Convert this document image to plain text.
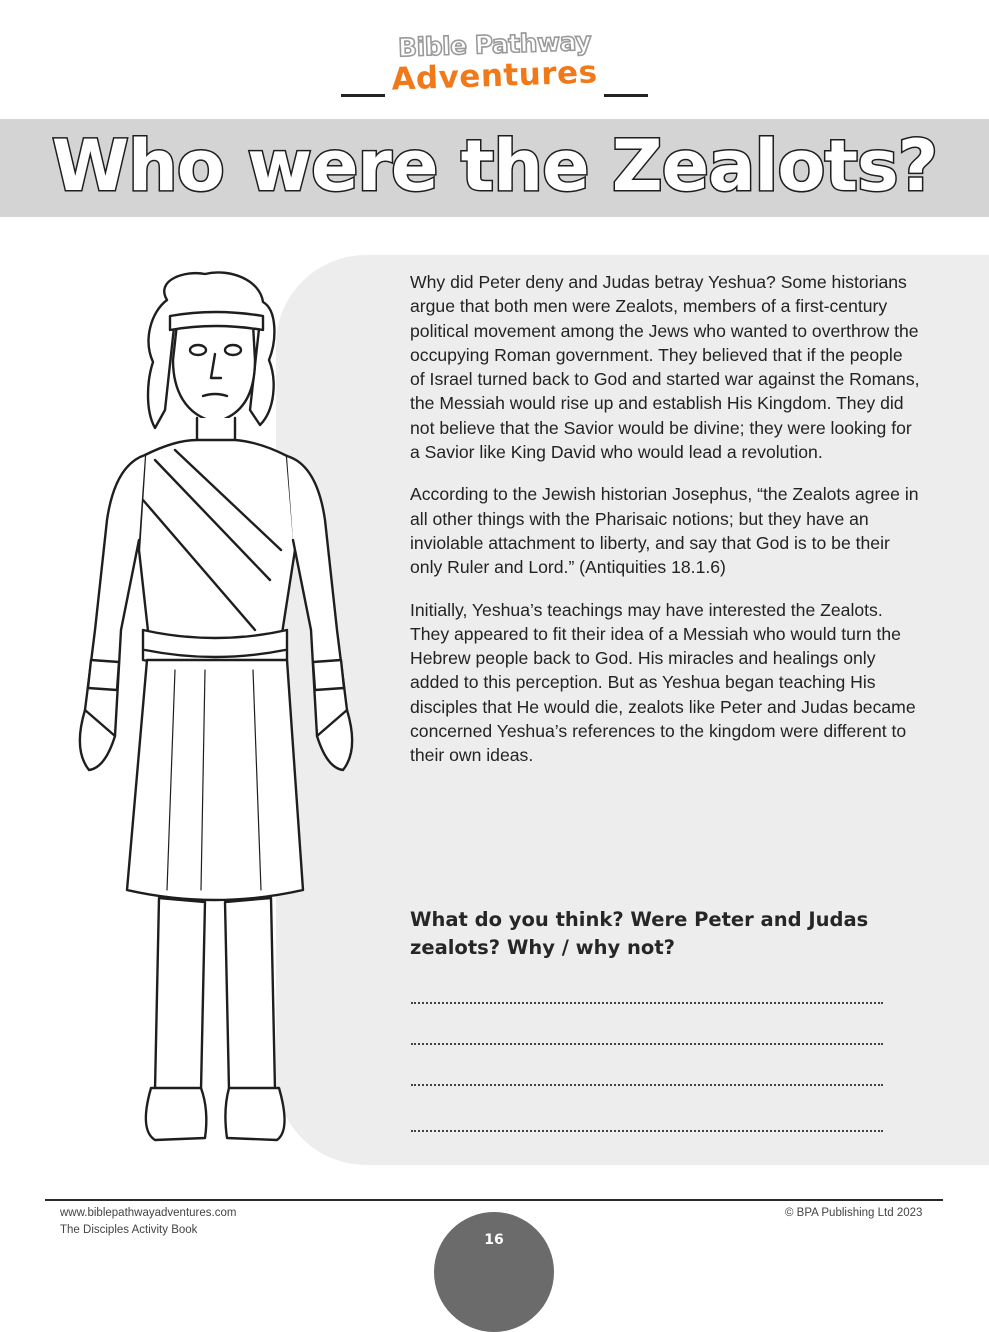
Bible Pathway
Adventures
Who were the Zealots?

Why did Peter deny and Judas betray Yeshua? Some historians argue that both men were Zealots, members of a first-century political movement among the Jews who wanted to overthrow the occupying Roman government. They believed that if the people of Israel turned back to God and started war against the Romans, the Messiah would rise up and establish His Kingdom. They did not believe that the Savior would be divine; they were looking for a Savior like King David who would lead a revolution.

According to the Jewish historian Josephus, “the Zealots agree in all other things with the Pharisaic notions; but they have an inviolable attachment to liberty, and say that God is to be their only Ruler and Lord.” (Antiquities 18.1.6)

Initially, Yeshua’s teachings may have interested the Zealots. They appeared to fit their idea of a Messiah who would turn the Hebrew people back to God. His miracles and healings only added to this perception. But as Yeshua began teaching His disciples that He would die, zealots like Peter and Judas became concerned Yeshua’s references to the kingdom were different to their own ideas.

What do you think? Were Peter and Judas zealots? Why / why not?
www.biblepathwayadventures.com
The Disciples Activity Book
© BPA Publishing Ltd 2023
16
